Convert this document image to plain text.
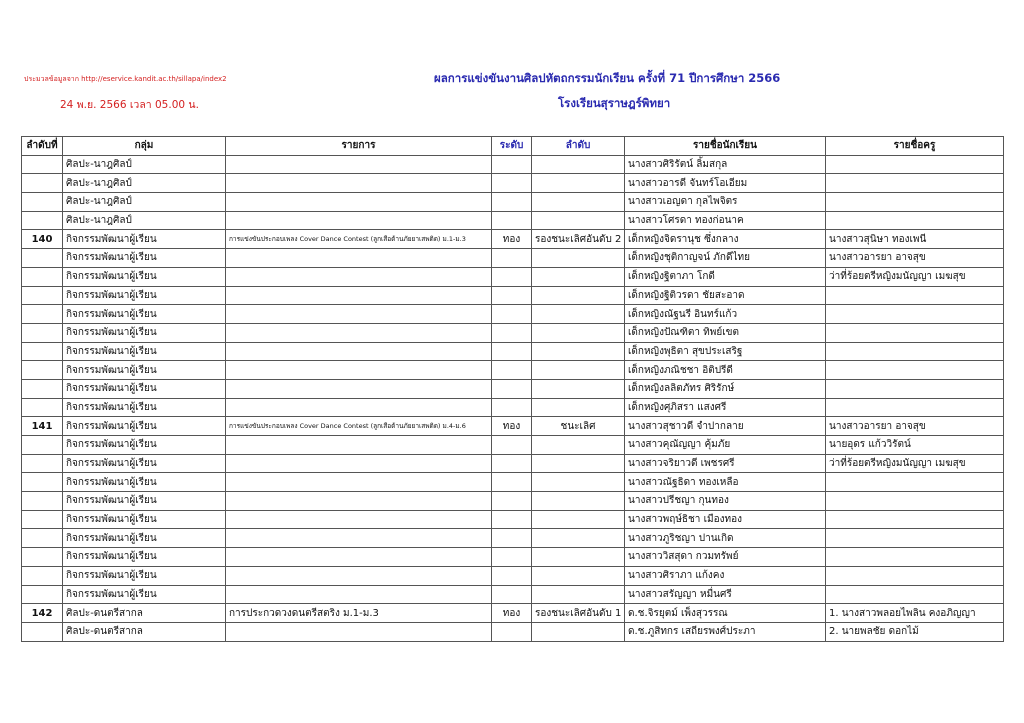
ประมวลข้อมูลจาก http://eservice.kandit.ac.th/sillapa/index2
24 พ.ย. 2566 เวลา 05.00 น.
ผลการแข่งขันงานศิลปหัตถกรรมนักเรียน ครั้งที่ 71 ปีการศึกษา 2566
โรงเรียนสุราษฎร์พิทยา
ลำดับที่	กลุ่ม	รายการ	ระดับ	ลำดับ	รายชื่อนักเรียน	รายชื่อครู
	ศิลปะ-นาฎศิลป์				นางสาวศิริรัตน์ ลิ้มสกุล	
	ศิลปะ-นาฎศิลป์				นางสาวอารดี จันทร์โอเอียม	
	ศิลปะ-นาฎศิลป์				นางสาวเอญดา กุลไพจิตร	
	ศิลปะ-นาฎศิลป์				นางสาวโศรดา ทองก่อนาค	
140	กิจกรรมพัฒนาผู้เรียน	การแข่งขันประกอบเพลง Cover Dance Contest (ลูกเสือต้านภัยยาเสพติด) ม.1-ม.3	ทอง	รองชนะเลิศอันดับ 2	เด็กหญิงจิดรานุช ซึ่งกลาง	นางสาวสุนิษา ทองเพนี
	กิจกรรมพัฒนาผู้เรียน				เด็กหญิงชุติกาญจน์ ภักดีไทย	นางสาวอารยา อาจสุข
	กิจกรรมพัฒนาผู้เรียน				เด็กหญิงฐิตาภา โกดี	ว่าที่ร้อยตรีหญิงมนัญญา เมฆสุข
	กิจกรรมพัฒนาผู้เรียน				เด็กหญิงฐิติวรดา ชัยสะอาด	
	กิจกรรมพัฒนาผู้เรียน				เด็กหญิงณัฐนรี อินทร์แก้ว	
	กิจกรรมพัฒนาผู้เรียน				เด็กหญิงปัณฑิตา ทิพย์เขต	
	กิจกรรมพัฒนาผู้เรียน				เด็กหญิงพุธิตา สุขประเสริฐ	
	กิจกรรมพัฒนาผู้เรียน				เด็กหญิงภณิชชา อิติปรีดี	
	กิจกรรมพัฒนาผู้เรียน				เด็กหญิงลลิตภัทร ศิริรักษ์	
	กิจกรรมพัฒนาผู้เรียน				เด็กหญิงศุภิสรา แสงศรี	
141	กิจกรรมพัฒนาผู้เรียน	การแข่งขันประกอบเพลง Cover Dance Contest (ลูกเสือต้านภัยยาเสพติด) ม.4-ม.6	ทอง	ชนะเลิศ	นางสาวสุชาวดี จำปากลาย	นางสาวอารยา อาจสุข
	กิจกรรมพัฒนาผู้เรียน				นางสาวคุณัญญา คุ้มภัย	นายอุดร แก้ววิรัตน์
	กิจกรรมพัฒนาผู้เรียน				นางสาวจริยาวดี เพชรศรี	ว่าที่ร้อยตรีหญิงมนัญญา เมฆสุข
	กิจกรรมพัฒนาผู้เรียน				นางสาวณัฐธิดา ทองเหลือ	
	กิจกรรมพัฒนาผู้เรียน				นางสาวปรีชญา กุนทอง	
	กิจกรรมพัฒนาผู้เรียน				นางสาวพฤษ์ธิชา เมืองทอง	
	กิจกรรมพัฒนาผู้เรียน				นางสาวภูริชญา ปานเกิด	
	กิจกรรมพัฒนาผู้เรียน				นางสาววิสสุดา กวมทรัพย์	
	กิจกรรมพัฒนาผู้เรียน				นางสาวศิราภา แก้งคง	
	กิจกรรมพัฒนาผู้เรียน				นางสาวสรัญญา หมื่นศรี	
142	ศิลปะ-ดนตรีสากล	การประกวดวงดนตรีสตริง ม.1-ม.3	ทอง	รองชนะเลิศอันดับ 1	ด.ช.จิรยุตม์ เพ็งสุวรรณ	1. นางสาวพลอยไพลิน คงอภิญญา
	ศิลปะ-ดนตรีสากล				ด.ช.ภูสิทกร เสถียรพงศ์ประภา	2. นายพลชัย ดอกไม้
